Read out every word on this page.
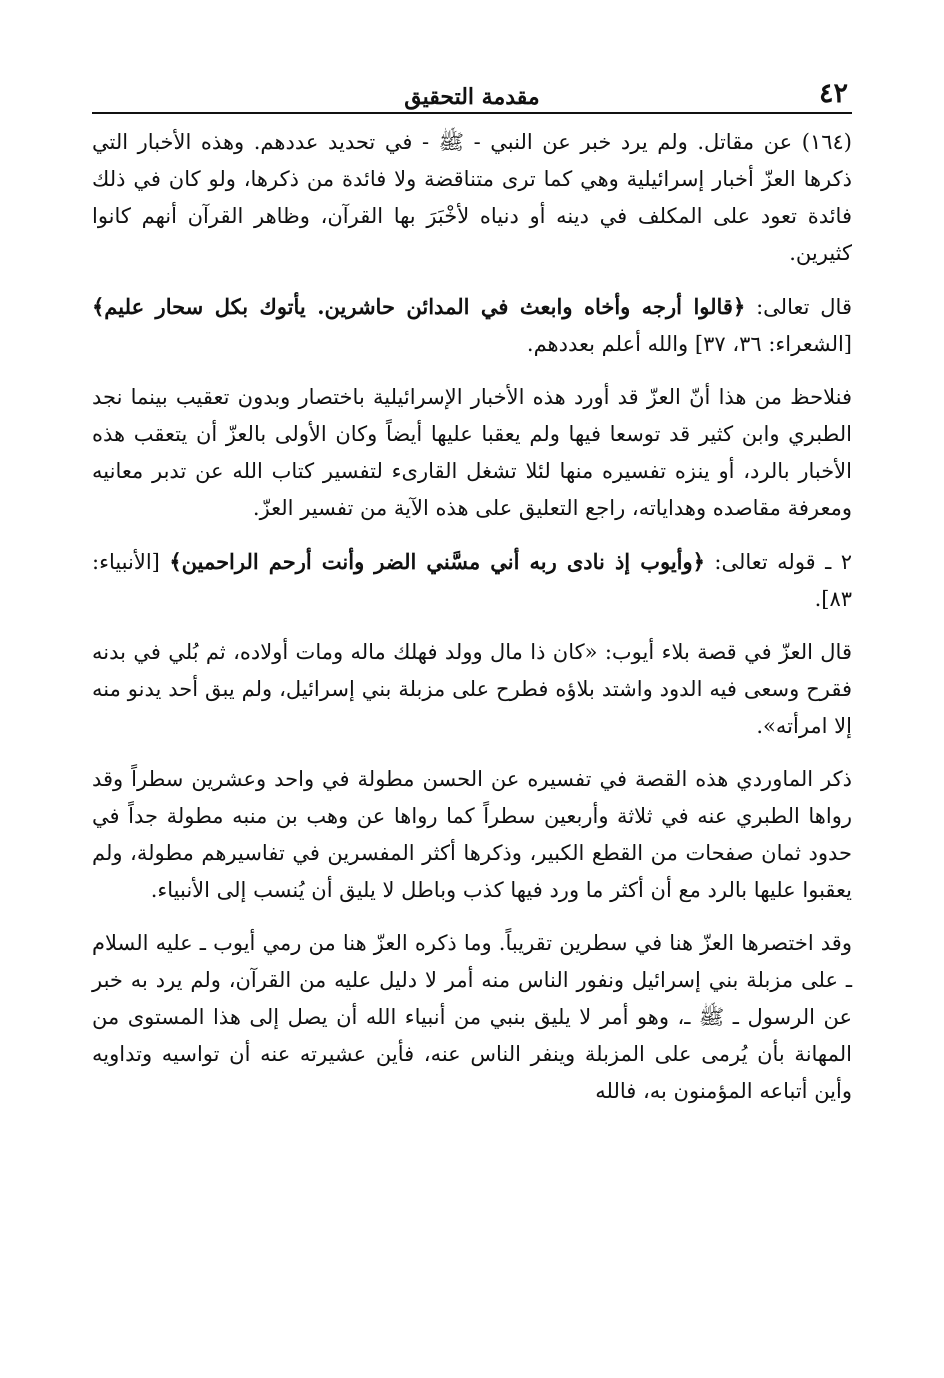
٤٢
مقدمة التحقيق

(١٦٤) عن مقاتل. ولم يرد خبر عن النبي - ﷺ - في تحديد عددهم. وهذه الأخبار التي ذكرها العزّ أخبار إسرائيلية وهي كما ترى متناقضة ولا فائدة من ذكرها، ولو كان في ذلك فائدة تعود على المكلف في دينه أو دنياه لأخْبَرَ بها القرآن، وظاهر القرآن أنهم كانوا كثيرين.

قال تعالى: ﴿قالوا أرجه وأخاه وابعث في المدائن حاشرين. يأتوك بكل سحار عليم﴾ [الشعراء: ٣٦، ٣٧] والله أعلم بعددهم.

فنلاحظ من هذا أنّ العزّ قد أورد هذه الأخبار الإسرائيلية باختصار وبدون تعقيب بينما نجد الطبري وابن كثير قد توسعا فيها ولم يعقبا عليها أيضاً وكان الأولى بالعزّ أن يتعقب هذه الأخبار بالرد، أو ينزه تفسيره منها لئلا تشغل القارىء لتفسير كتاب الله عن تدبر معانيه ومعرفة مقاصده وهداياته، راجع التعليق على هذه الآية من تفسير العزّ.

٢ ـ قوله تعالى: ﴿وأيوب إذ نادى ربه أني مسَّني الضر وأنت أرحم الراحمين﴾ [الأنبياء: ٨٣].

قال العزّ في قصة بلاء أيوب: «كان ذا مال وولد فهلك ماله ومات أولاده، ثم بُلي في بدنه فقرح وسعى فيه الدود واشتد بلاؤه فطرح على مزبلة بني إسرائيل، ولم يبق أحد يدنو منه إلا امرأته».

ذكر الماوردي هذه القصة في تفسيره عن الحسن مطولة في واحد وعشرين سطراً وقد رواها الطبري عنه في ثلاثة وأربعين سطراً كما رواها عن وهب بن منبه مطولة جداً في حدود ثمان صفحات من القطع الكبير، وذكرها أكثر المفسرين في تفاسيرهم مطولة، ولم يعقبوا عليها بالرد مع أن أكثر ما ورد فيها كذب وباطل لا يليق أن يُنسب إلى الأنبياء.

وقد اختصرها العزّ هنا في سطرين تقريباً. وما ذكره العزّ هنا من رمي أيوب ـ عليه السلام ـ على مزبلة بني إسرائيل ونفور الناس منه أمر لا دليل عليه من القرآن، ولم يرد به خبر عن الرسول ـ ﷺ ـ، وهو أمر لا يليق بنبي من أنبياء الله أن يصل إلى هذا المستوى من المهانة بأن يُرمى على المزبلة وينفر الناس عنه، فأين عشيرته عنه أن تواسيه وتداويه وأين أتباعه المؤمنون به، فالله
